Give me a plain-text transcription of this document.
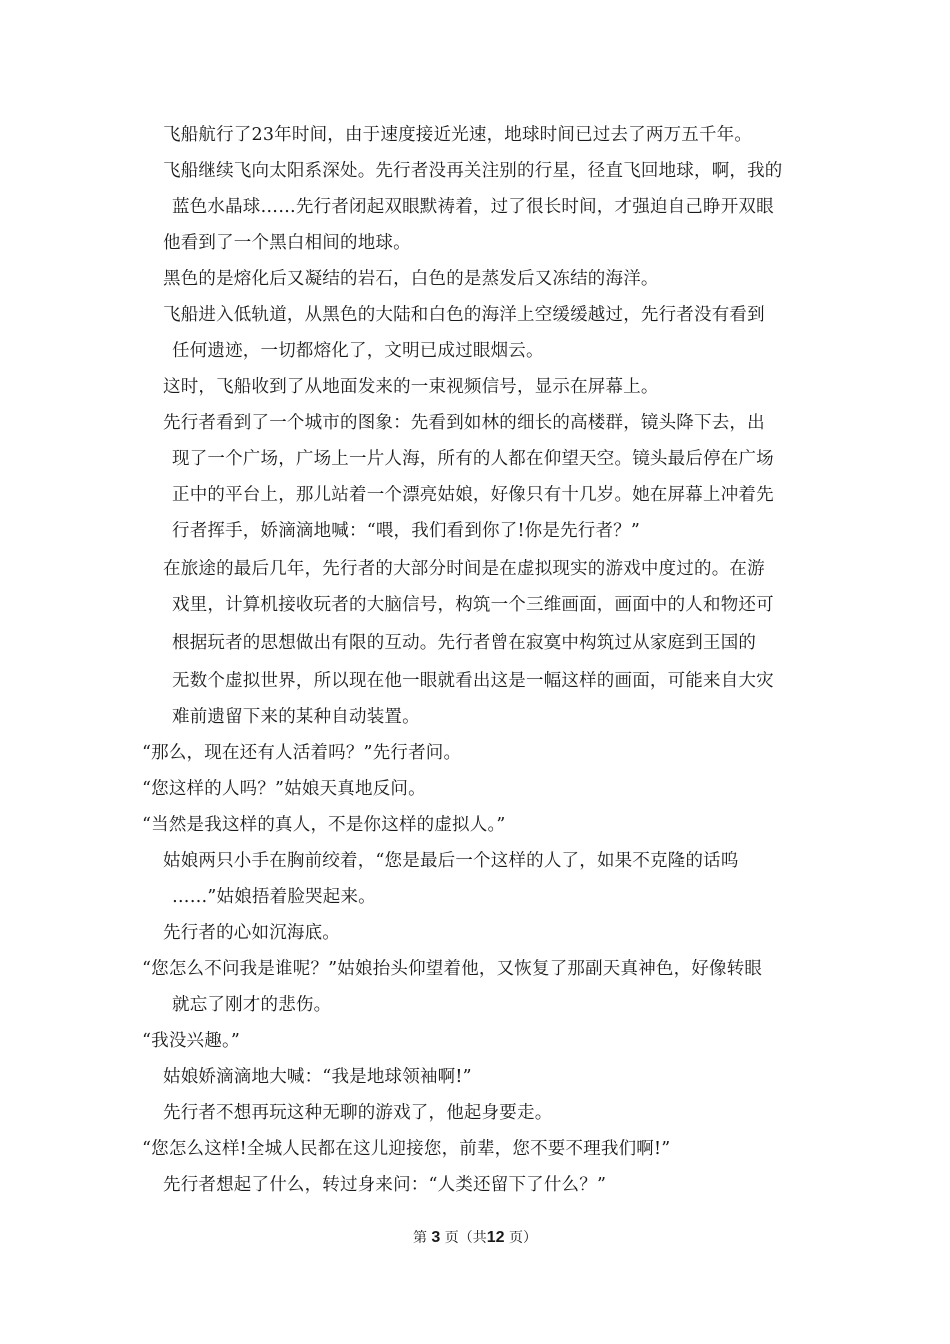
飞船航行了23年时间，由于速度接近光速，地球时间已过去了两万五千年。
飞船继续飞向太阳系深处。先行者没再关注别的行星，径直飞回地球，啊，我的
蓝色水晶球……先行者闭起双眼默祷着，过了很长时间，才强迫自己睁开双眼
他看到了一个黑白相间的地球。
黑色的是熔化后又凝结的岩石，白色的是蒸发后又冻结的海洋。
飞船进入低轨道，从黑色的大陆和白色的海洋上空缓缓越过，先行者没有看到
任何遗迹，一切都熔化了，文明已成过眼烟云。
这时，飞船收到了从地面发来的一束视频信号，显示在屏幕上。
先行者看到了一个城市的图象：先看到如林的细长的高楼群，镜头降下去，出
现了一个广场，广场上一片人海，所有的人都在仰望天空。镜头最后停在广场
正中的平台上，那儿站着一个漂亮姑娘，好像只有十几岁。她在屏幕上冲着先
行者挥手，娇滴滴地喊：“喂，我们看到你了!你是先行者？”
在旅途的最后几年，先行者的大部分时间是在虚拟现实的游戏中度过的。在游
戏里，计算机接收玩者的大脑信号，构筑一个三维画面，画面中的人和物还可
根据玩者的思想做出有限的互动。先行者曾在寂寞中构筑过从家庭到王国的
无数个虚拟世界，所以现在他一眼就看出这是一幅这样的画面，可能来自大灾
难前遗留下来的某种自动装置。
“那么，现在还有人活着吗？”先行者问。
“您这样的人吗？”姑娘天真地反问。
“当然是我这样的真人，不是你这样的虚拟人。”
姑娘两只小手在胸前绞着，“您是最后一个这样的人了，如果不克隆的话呜
……”姑娘捂着脸哭起来。
先行者的心如沉海底。
“您怎么不问我是谁呢？”姑娘抬头仰望着他，又恢复了那副天真神色，好像转眼
就忘了刚才的悲伤。
“我没兴趣。”
姑娘娇滴滴地大喊：“我是地球领袖啊!”
先行者不想再玩这种无聊的游戏了，他起身要走。
“您怎么这样!全城人民都在这儿迎接您，前辈，您不要不理我们啊!”
先行者想起了什么，转过身来问：“人类还留下了什么？”
第 3 页（共12 页）
